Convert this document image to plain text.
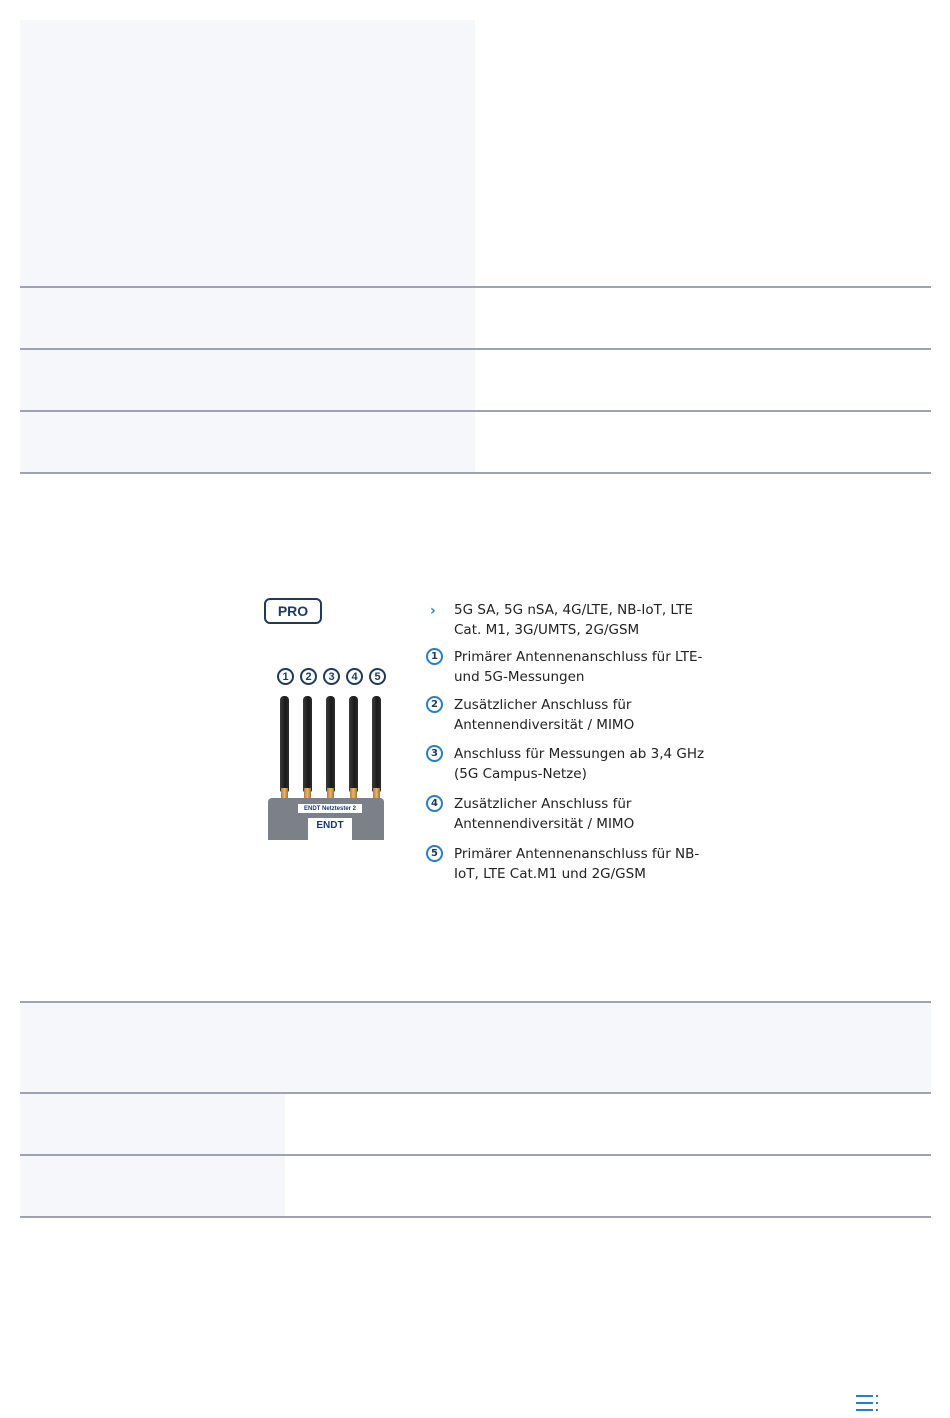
PRO
1	2	3	4	5
ENDT
Netztester 2
ENDT
› 5G SA, 5G nSA, 4G/LTE, NB-IoT, LTE Cat. M1, 3G/UMTS, 2G/GSM
1	Primärer Antennenanschluss für LTE- und 5G-Messungen
2	Zusätzlicher Anschluss für Antennendiversität / MIMO
3	Anschluss für Messungen ab 3,4 GHz (5G Campus-Netze)
4	Zusätzlicher Anschluss für Antennendiversität / MIMO
5	Primärer Antennenanschluss für NB-IoT, LTE Cat.M1 und 2G/GSM
